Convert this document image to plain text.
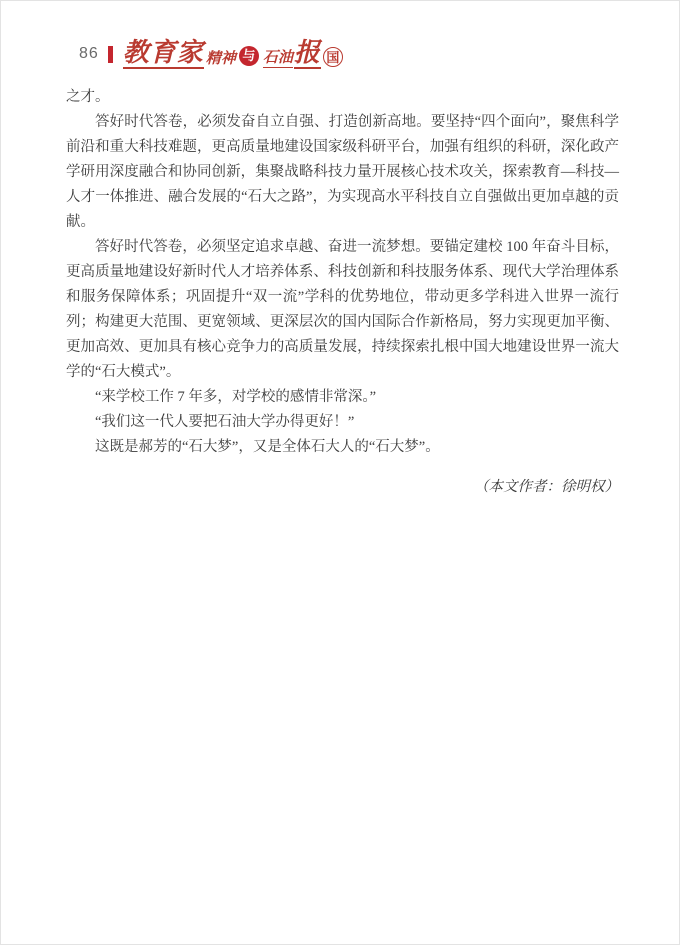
86 教育家 精神 与 石油 报 国

之才。

答好时代答卷，必须发奋自立自强、打造创新高地。要坚持“四个面向”，聚焦科学前沿和重大科技难题，更高质量地建设国家级科研平台，加强有组织的科研，深化政产学研用深度融合和协同创新，集聚战略科技力量开展核心技术攻关，探索教育—科技—人才一体推进、融合发展的“石大之路”，为实现高水平科技自立自强做出更加卓越的贡献。

答好时代答卷，必须坚定追求卓越、奋进一流梦想。要锚定建校 100 年奋斗目标，更高质量地建设好新时代人才培养体系、科技创新和科技服务体系、现代大学治理体系和服务保障体系；巩固提升“双一流”学科的优势地位，带动更多学科进入世界一流行列；构建更大范围、更宽领域、更深层次的国内国际合作新格局，努力实现更加平衡、更加高效、更加具有核心竞争力的高质量发展，持续探索扎根中国大地建设世界一流大学的“石大模式”。

“来学校工作 7 年多，对学校的感情非常深。”

“我们这一代人要把石油大学办得更好！”

这既是郝芳的“石大梦”，又是全体石大人的“石大梦”。

（本文作者：徐明权）
